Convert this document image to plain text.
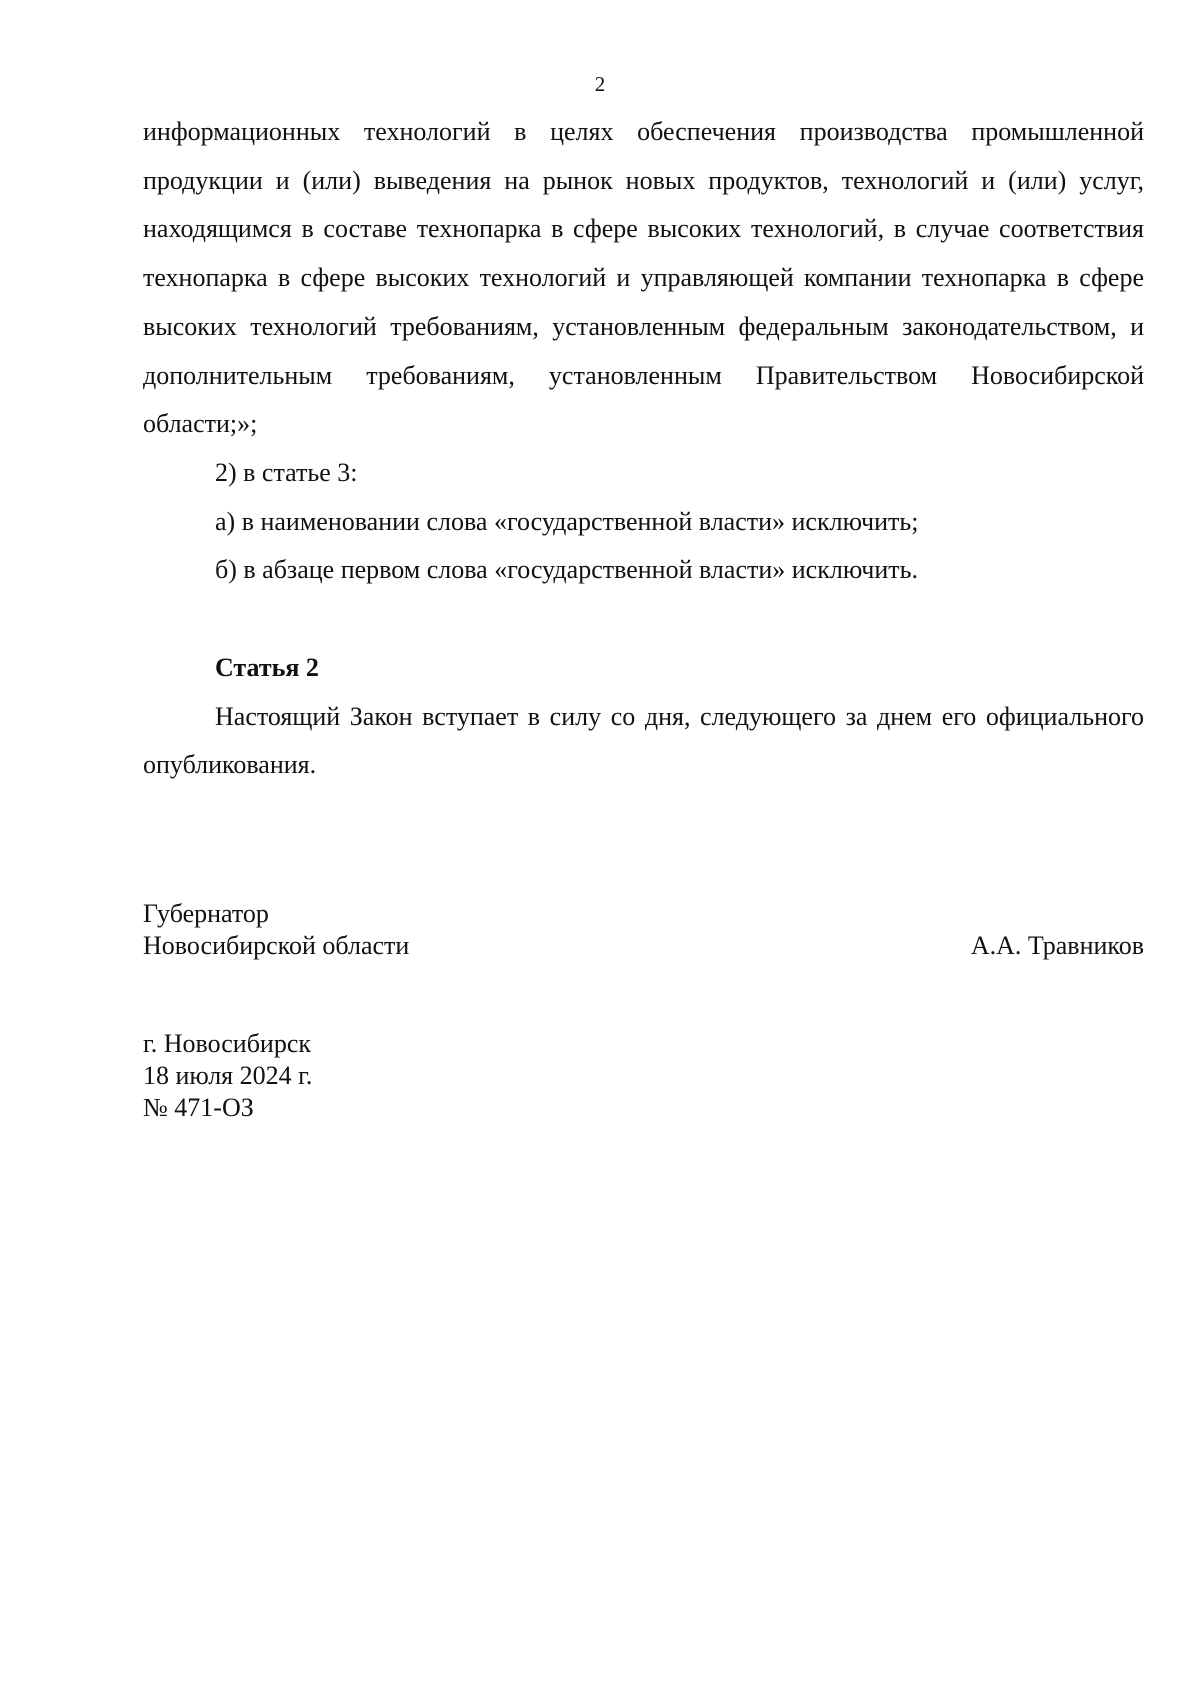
2

информационных технологий в целях обеспечения производства промышленной продукции и (или) выведения на рынок новых продуктов, технологий и (или) услуг, находящимся в составе технопарка в сфере высоких технологий, в случае соответствия технопарка в сфере высоких технологий и управляющей компании технопарка в сфере высоких технологий требованиям, установленным федеральным законодательством, и дополнительным требованиям, установленным Правительством Новосибирской области;»;

2) в статье 3:

а) в наименовании слова «государственной власти» исключить;

б) в абзаце первом слова «государственной власти» исключить.

Статья 2

Настоящий Закон вступает в силу со дня, следующего за днем его официального опубликования.

Губернатор
Новосибирской области	А.А. Травников
г. Новосибирск
18 июля 2024 г.
№ 471-ОЗ
